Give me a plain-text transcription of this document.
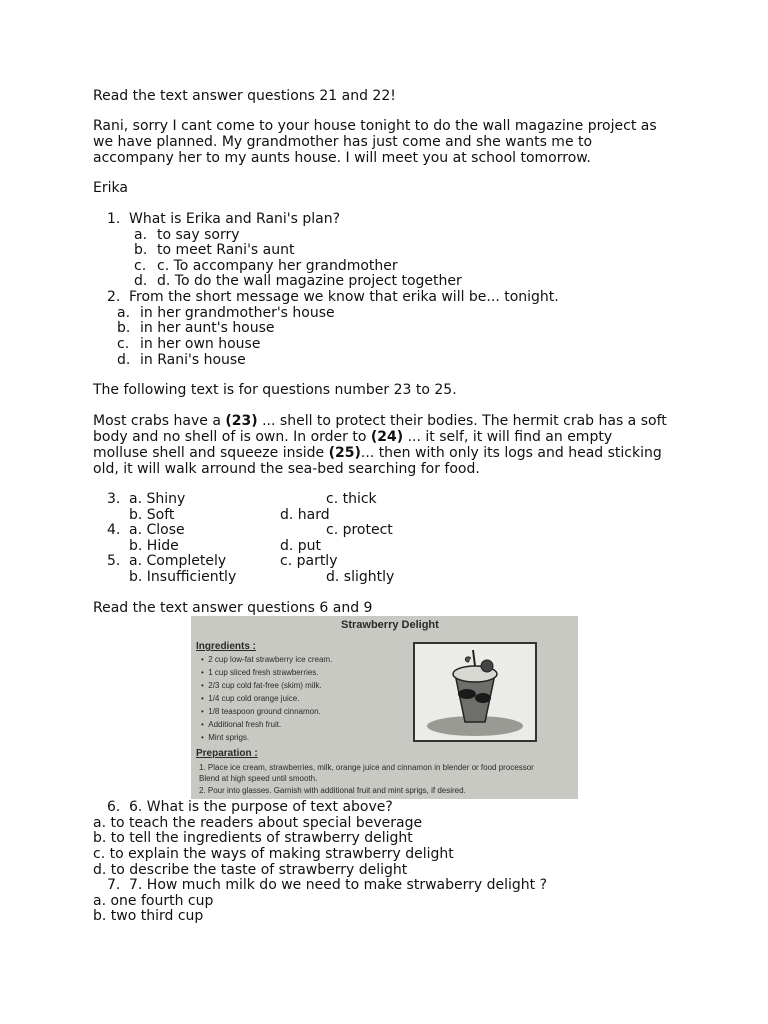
Read the text answer questions 21 and 22!
Rani, sorry I cant come to your house tonight to do the wall magazine project as
we have planned. My grandmother has just come and she wants me to
accompany her to my aunts house. I will meet you at school tomorrow.
Erika
1. What is Erika and Rani's plan?
a. to say sorry
b. to meet Rani's aunt
c. c. To accompany her grandmother
d. d. To do the wall magazine project together
2. From the short message we know that erika will be... tonight.
a. in her grandmother's house
b. in her aunt's house
c. in her own house
d. in Rani's house
The following text is for questions number 23 to 25.
Most crabs have a (23) ... shell to protect their bodies. The hermit crab has a soft
body and no shell of is own. In order to (24) ... it self, it will find an empty
molluse shell and squeeze inside (25)... then with only its logs and head sticking
old, it will walk arround the sea-bed searching for food.
3. a. Shiny	c. thick
b. Soft	d. hard
4. a. Close	c. protect
b. Hide	d. put
5. a. Completely	c. partly
b. Insufficiently	d. slightly
Read the text answer questions 6 and 9
Strawberry Delight
Ingredients :
•  2 cup low-fat strawberry ice cream.
•  1 cup sliced fresh strawberries.
•  2/3 cup cold fat-free (skim) milk.
•  1/4 cup cold orange juice.
•  1/8 teaspoon ground cinnamon.
•  Additional fresh fruit.
•  Mint sprigs.
Preparation :
1. Place ice cream, strawberries, milk, orange juice and cinnamon in blender or food processor
Blend at high speed until smooth.
2. Pour into glasses. Garnish with additional fruit and mint sprigs, if desired.
6. 6. What is the purpose of text above?
a. to teach the readers about special beverage
b. to tell the ingredients of strawberry delight
c. to explain the ways of making strawberry delight
d. to describe the taste of strawberry delight
7. 7. How much milk do we need to make strwaberry delight ?
a. one fourth cup
b. two third cup
